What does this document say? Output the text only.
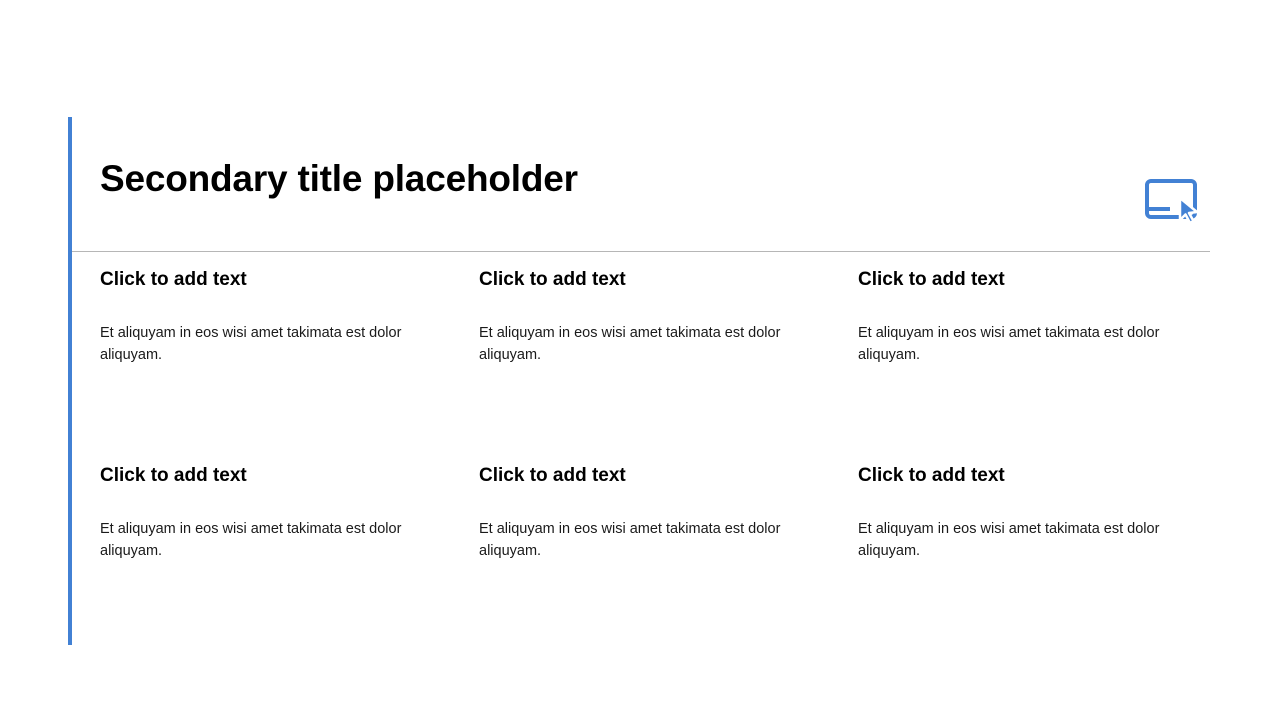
Secondary title placeholder
Click to add text
Et aliquyam in eos wisi amet takimata est dolor aliquyam.
Click to add text
Et aliquyam in eos wisi amet takimata est dolor aliquyam.
Click to add text
Et aliquyam in eos wisi amet takimata est dolor aliquyam.
Click to add text
Et aliquyam in eos wisi amet takimata est dolor aliquyam.
Click to add text
Et aliquyam in eos wisi amet takimata est dolor aliquyam.
Click to add text
Et aliquyam in eos wisi amet takimata est dolor aliquyam.
